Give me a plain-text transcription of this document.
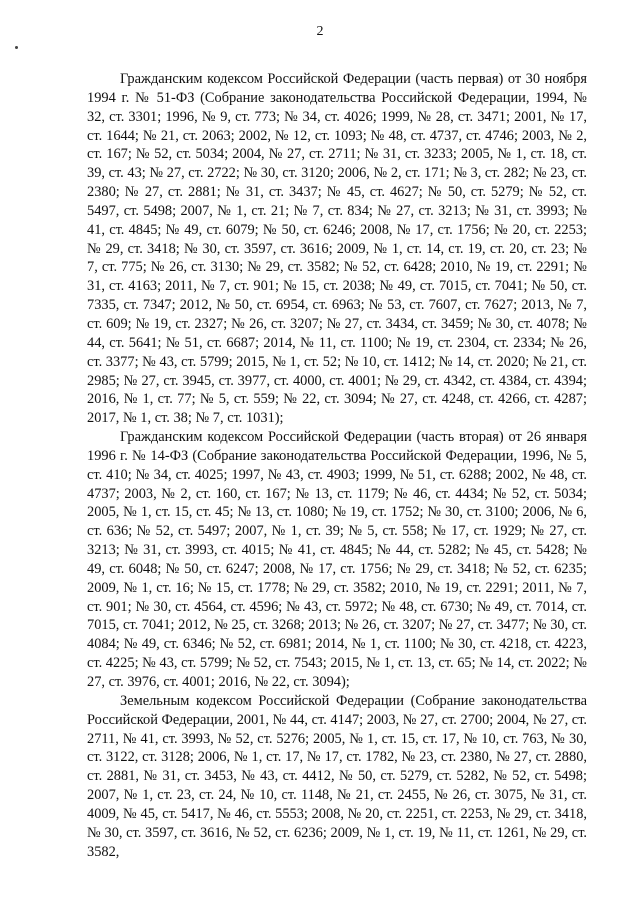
2

Гражданским кодексом Российской Федерации (часть первая) от 30 ноября 1994 г. № 51-ФЗ (Собрание законодательства Российской Федерации, 1994, № 32, ст. 3301; 1996, № 9, ст. 773; № 34, ст. 4026; 1999, № 28, ст. 3471; 2001, № 17, ст. 1644; № 21, ст. 2063; 2002, № 12, ст. 1093; № 48, ст. 4737, ст. 4746; 2003, № 2, ст. 167; № 52, ст. 5034; 2004, № 27, ст. 2711; № 31, ст. 3233; 2005, № 1, ст. 18, ст. 39, ст. 43; № 27, ст. 2722; № 30, ст. 3120; 2006, № 2, ст. 171; № 3, ст. 282; № 23, ст. 2380; № 27, ст. 2881; № 31, ст. 3437; № 45, ст. 4627; № 50, ст. 5279; № 52, ст. 5497, ст. 5498; 2007, № 1, ст. 21; № 7, ст. 834; № 27, ст. 3213; № 31, ст. 3993; № 41, ст. 4845; № 49, ст. 6079; № 50, ст. 6246; 2008, № 17, ст. 1756; № 20, ст. 2253; № 29, ст. 3418; № 30, ст. 3597, ст. 3616; 2009, № 1, ст. 14, ст. 19, ст. 20, ст. 23; № 7, ст. 775; № 26, ст. 3130; № 29, ст. 3582; № 52, ст. 6428; 2010, № 19, ст. 2291; № 31, ст. 4163; 2011, № 7, ст. 901; № 15, ст. 2038; № 49, ст. 7015, ст. 7041; № 50, ст. 7335, ст. 7347; 2012, № 50, ст. 6954, ст. 6963; № 53, ст. 7607, ст. 7627; 2013, № 7, ст. 609; № 19, ст. 2327; № 26, ст. 3207; № 27, ст. 3434, ст. 3459; № 30, ст. 4078; № 44, ст. 5641; № 51, ст. 6687; 2014, № 11, ст. 1100; № 19, ст. 2304, ст. 2334; № 26, ст. 3377; № 43, ст. 5799; 2015, № 1, ст. 52; № 10, ст. 1412; № 14, ст. 2020; № 21, ст. 2985; № 27, ст. 3945, ст. 3977, ст. 4000, ст. 4001; № 29, ст. 4342, ст. 4384, ст. 4394; 2016, № 1, ст. 77; № 5, ст. 559; № 22, ст. 3094; № 27, ст. 4248, ст. 4266, ст. 4287; 2017, № 1, ст. 38; № 7, ст. 1031);

Гражданским кодексом Российской Федерации (часть вторая) от 26 января 1996 г. № 14-ФЗ (Собрание законодательства Российской Федерации, 1996, № 5, ст. 410; № 34, ст. 4025; 1997, № 43, ст. 4903; 1999, № 51, ст. 6288; 2002, № 48, ст. 4737; 2003, № 2, ст. 160, ст. 167; № 13, ст. 1179; № 46, ст. 4434; № 52, ст. 5034; 2005, № 1, ст. 15, ст. 45; № 13, ст. 1080; № 19, ст. 1752; № 30, ст. 3100; 2006, № 6, ст. 636; № 52, ст. 5497; 2007, № 1, ст. 39; № 5, ст. 558; № 17, ст. 1929; № 27, ст. 3213; № 31, ст. 3993, ст. 4015; № 41, ст. 4845; № 44, ст. 5282; № 45, ст. 5428; № 49, ст. 6048; № 50, ст. 6247; 2008, № 17, ст. 1756; № 29, ст. 3418; № 52, ст. 6235; 2009, № 1, ст. 16; № 15, ст. 1778; № 29, ст. 3582; 2010, № 19, ст. 2291; 2011, № 7, ст. 901; № 30, ст. 4564, ст. 4596; № 43, ст. 5972; № 48, ст. 6730; № 49, ст. 7014, ст. 7015, ст. 7041; 2012, № 25, ст. 3268; 2013; № 26, ст. 3207; № 27, ст. 3477; № 30, ст. 4084; № 49, ст. 6346; № 52, ст. 6981; 2014, № 1, ст. 1100; № 30, ст. 4218, ст. 4223, ст. 4225; № 43, ст. 5799; № 52, ст. 7543; 2015, № 1, ст. 13, ст. 65; № 14, ст. 2022; № 27, ст. 3976, ст. 4001; 2016, № 22, ст. 3094);

Земельным кодексом Российской Федерации (Собрание законодательства Российской Федерации, 2001, № 44, ст. 4147; 2003, № 27, ст. 2700; 2004, № 27, ст. 2711, № 41, ст. 3993, № 52, ст. 5276; 2005, № 1, ст. 15, ст. 17, № 10, ст. 763, № 30, ст. 3122, ст. 3128; 2006, № 1, ст. 17, № 17, ст. 1782, № 23, ст. 2380, № 27, ст. 2880, ст. 2881, № 31, ст. 3453, № 43, ст. 4412, № 50, ст. 5279, ст. 5282, № 52, ст. 5498; 2007, № 1, ст. 23, ст. 24, № 10, ст. 1148, № 21, ст. 2455, № 26, ст. 3075, № 31, ст. 4009, № 45, ст. 5417, № 46, ст. 5553; 2008, № 20, ст. 2251, ст. 2253, № 29, ст. 3418, № 30, ст. 3597, ст. 3616, № 52, ст. 6236; 2009, № 1, ст. 19, № 11, ст. 1261, № 29, ст. 3582,
